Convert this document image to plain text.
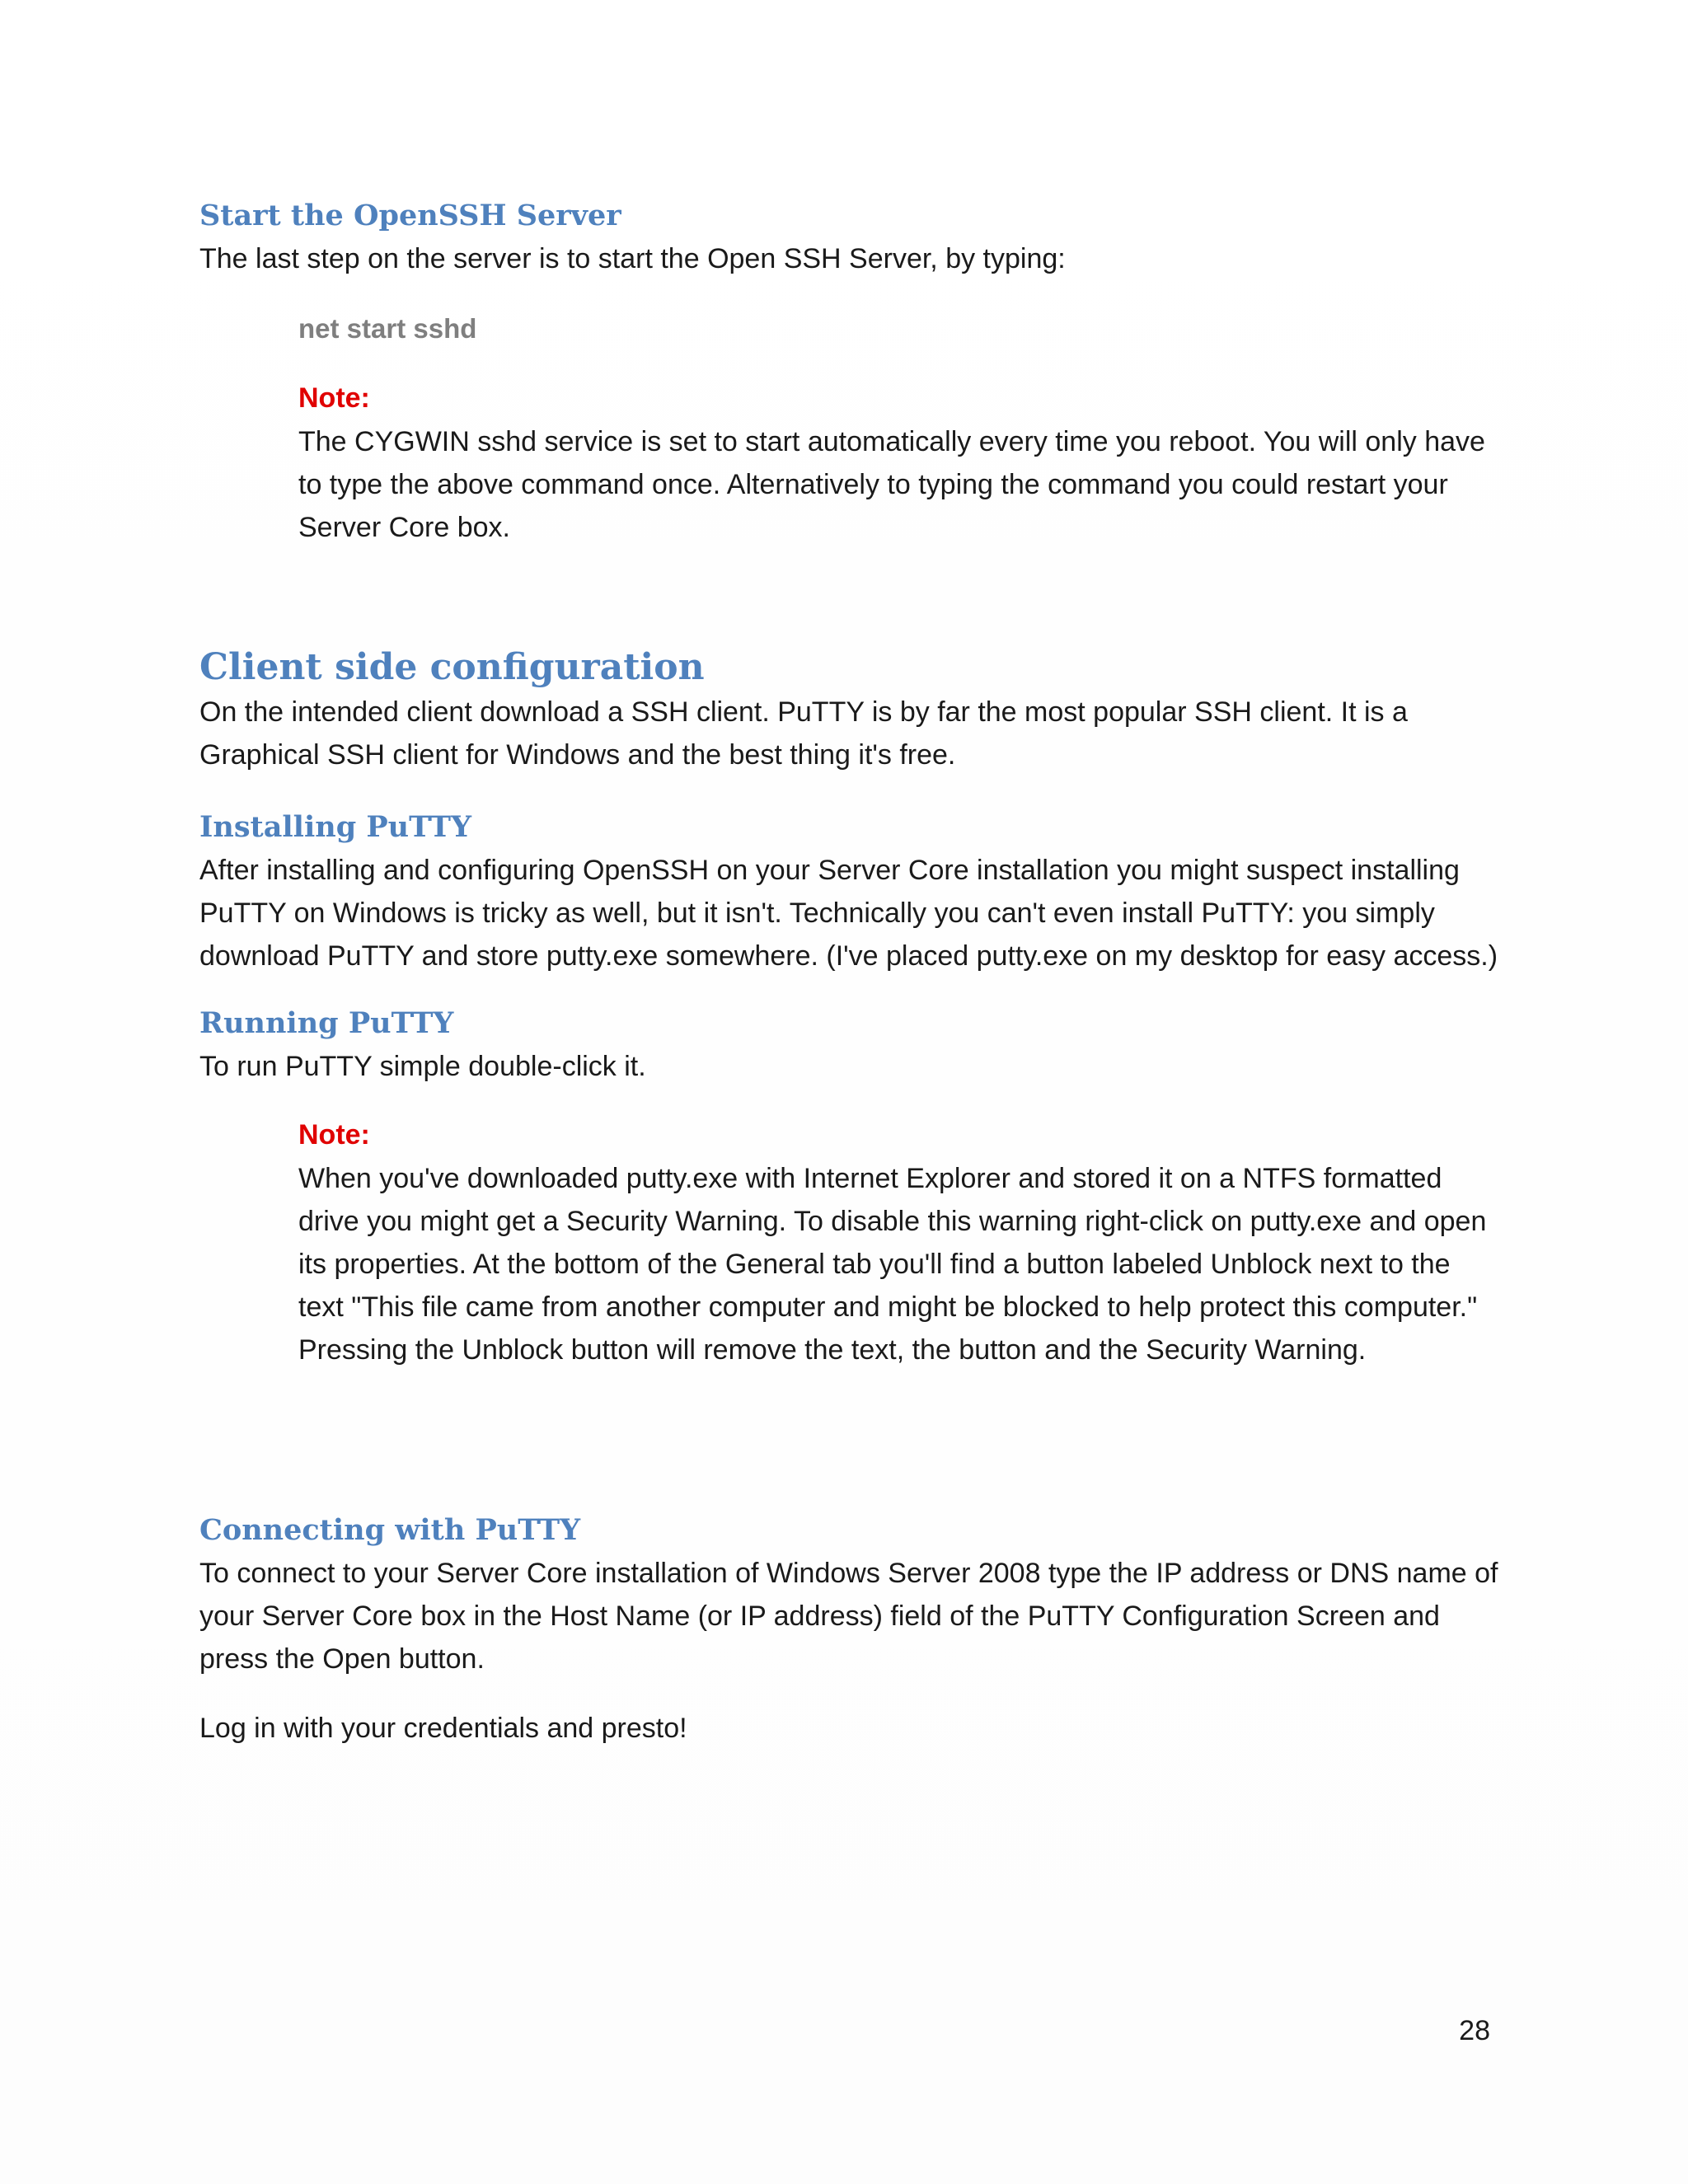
Start the OpenSSH Server

The last step on the server is to start the Open SSH Server, by typing:

net start sshd

Note:

The CYGWIN sshd service is set to start automatically every time you reboot. You will only have to type the above command once. Alternatively to typing the command you could restart your Server Core box.

Client side configuration

On the intended client download a SSH client. PuTTY is by far the most popular SSH client. It is a Graphical SSH client for Windows and the best thing it's free.

Installing PuTTY

After installing and configuring OpenSSH on your Server Core installation you might suspect installing PuTTY on Windows is tricky as well, but it isn't. Technically you can't even install PuTTY: you simply download PuTTY and store putty.exe somewhere. (I've placed putty.exe on my desktop for easy access.)

Running PuTTY

To run PuTTY simple double-click it.

Note:

When you've downloaded putty.exe with Internet Explorer and stored it on a NTFS formatted drive you might get a Security Warning. To disable this warning right-click on putty.exe and open its properties. At the bottom of the General tab you'll find a button labeled Unblock next to the text "This file came from another computer and might be blocked to help protect this computer." Pressing the Unblock button will remove the text, the button and the Security Warning.

Connecting with PuTTY

To connect to your Server Core installation of Windows Server 2008 type the IP address or DNS name of your Server Core box in the Host Name (or IP address) field of the PuTTY Configuration Screen and press the Open button.

Log in with your credentials and presto!

28
